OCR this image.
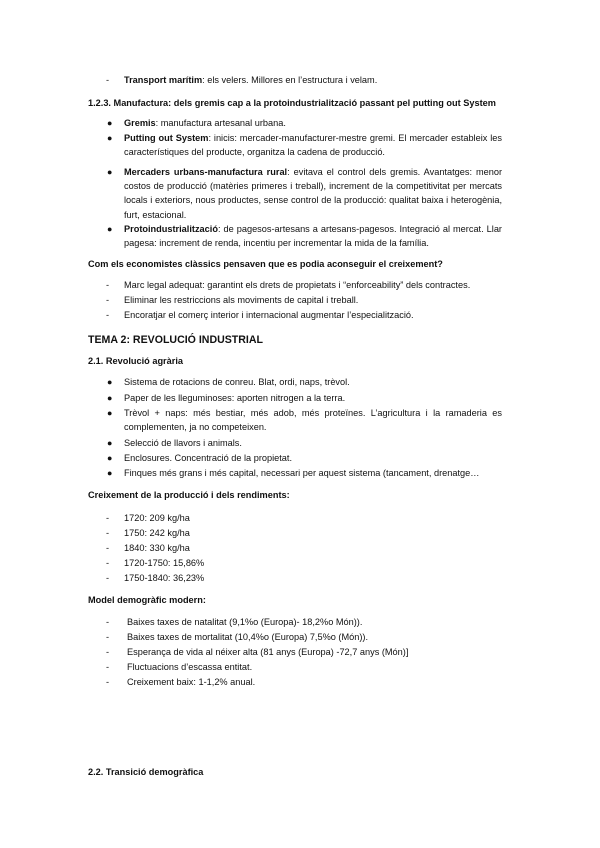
- Transport marítim: els velers. Millores en l’estructura i velam.
1.2.3. Manufactura: dels gremis cap a la protoindustrialització passant pel putting out System
● Gremis: manufactura artesanal urbana.
● Putting out System: inicis: mercader-manufacturer-mestre gremi. El mercader estableix les característiques del producte, organitza la cadena de producció.
● Mercaders urbans-manufactura rural: evitava el control dels gremis. Avantatges: menor costos de producció (matèries primeres i treball), increment de la competitivitat per mercats locals i exteriors, nous productes, sense control de la producció: qualitat baixa i heterogènia, furt, estacional.
● Protoindustrialització: de pagesos-artesans a artesans-pagesos. Integració al mercat. Llar pagesa: increment de renda, incentiu per incrementar la mida de la família.
Com els economistes clàssics pensaven que es podia aconseguir el creixement?
- Marc legal adequat: garantint els drets de propietats i “enforceability” dels contractes.
- Eliminar les restriccions als moviments de capital i treball.
- Encoratjar el comerç interior i internacional augmentar l’especialització.
TEMA 2: REVOLUCIÓ INDUSTRIAL
2.1. Revolució agrària
● Sistema de rotacions de conreu. Blat, ordi, naps, trèvol.
● Paper de les lleguminoses: aporten nitrogen a la terra.
● Trèvol + naps: més bestiar, més adob, més proteïnes. L’agricultura i la ramaderia es complementen, ja no competeixen.
● Selecció de llavors i animals.
● Enclosures. Concentració de la propietat.
● Finques més grans i més capital, necessari per aquest sistema (tancament, drenatge…
Creixement de la producció i dels rendiments:
- 1720: 209 kg/ha
- 1750: 242 kg/ha
- 1840: 330 kg/ha
- 1720-1750: 15,86%
- 1750-1840: 36,23%
Model demogràfic modern:
- Baixes taxes de natalitat (9,1%o (Europa)- 18,2%o Món)).
- Baixes taxes de mortalitat (10,4%o (Europa) 7,5%o (Món)).
- Esperança de vida al néixer alta (81 anys (Europa) -72,7 anys (Món)]
- Fluctuacions d’escassa entitat.
- Creixement baix: 1-1,2% anual.
2.2. Transició demogràfica
